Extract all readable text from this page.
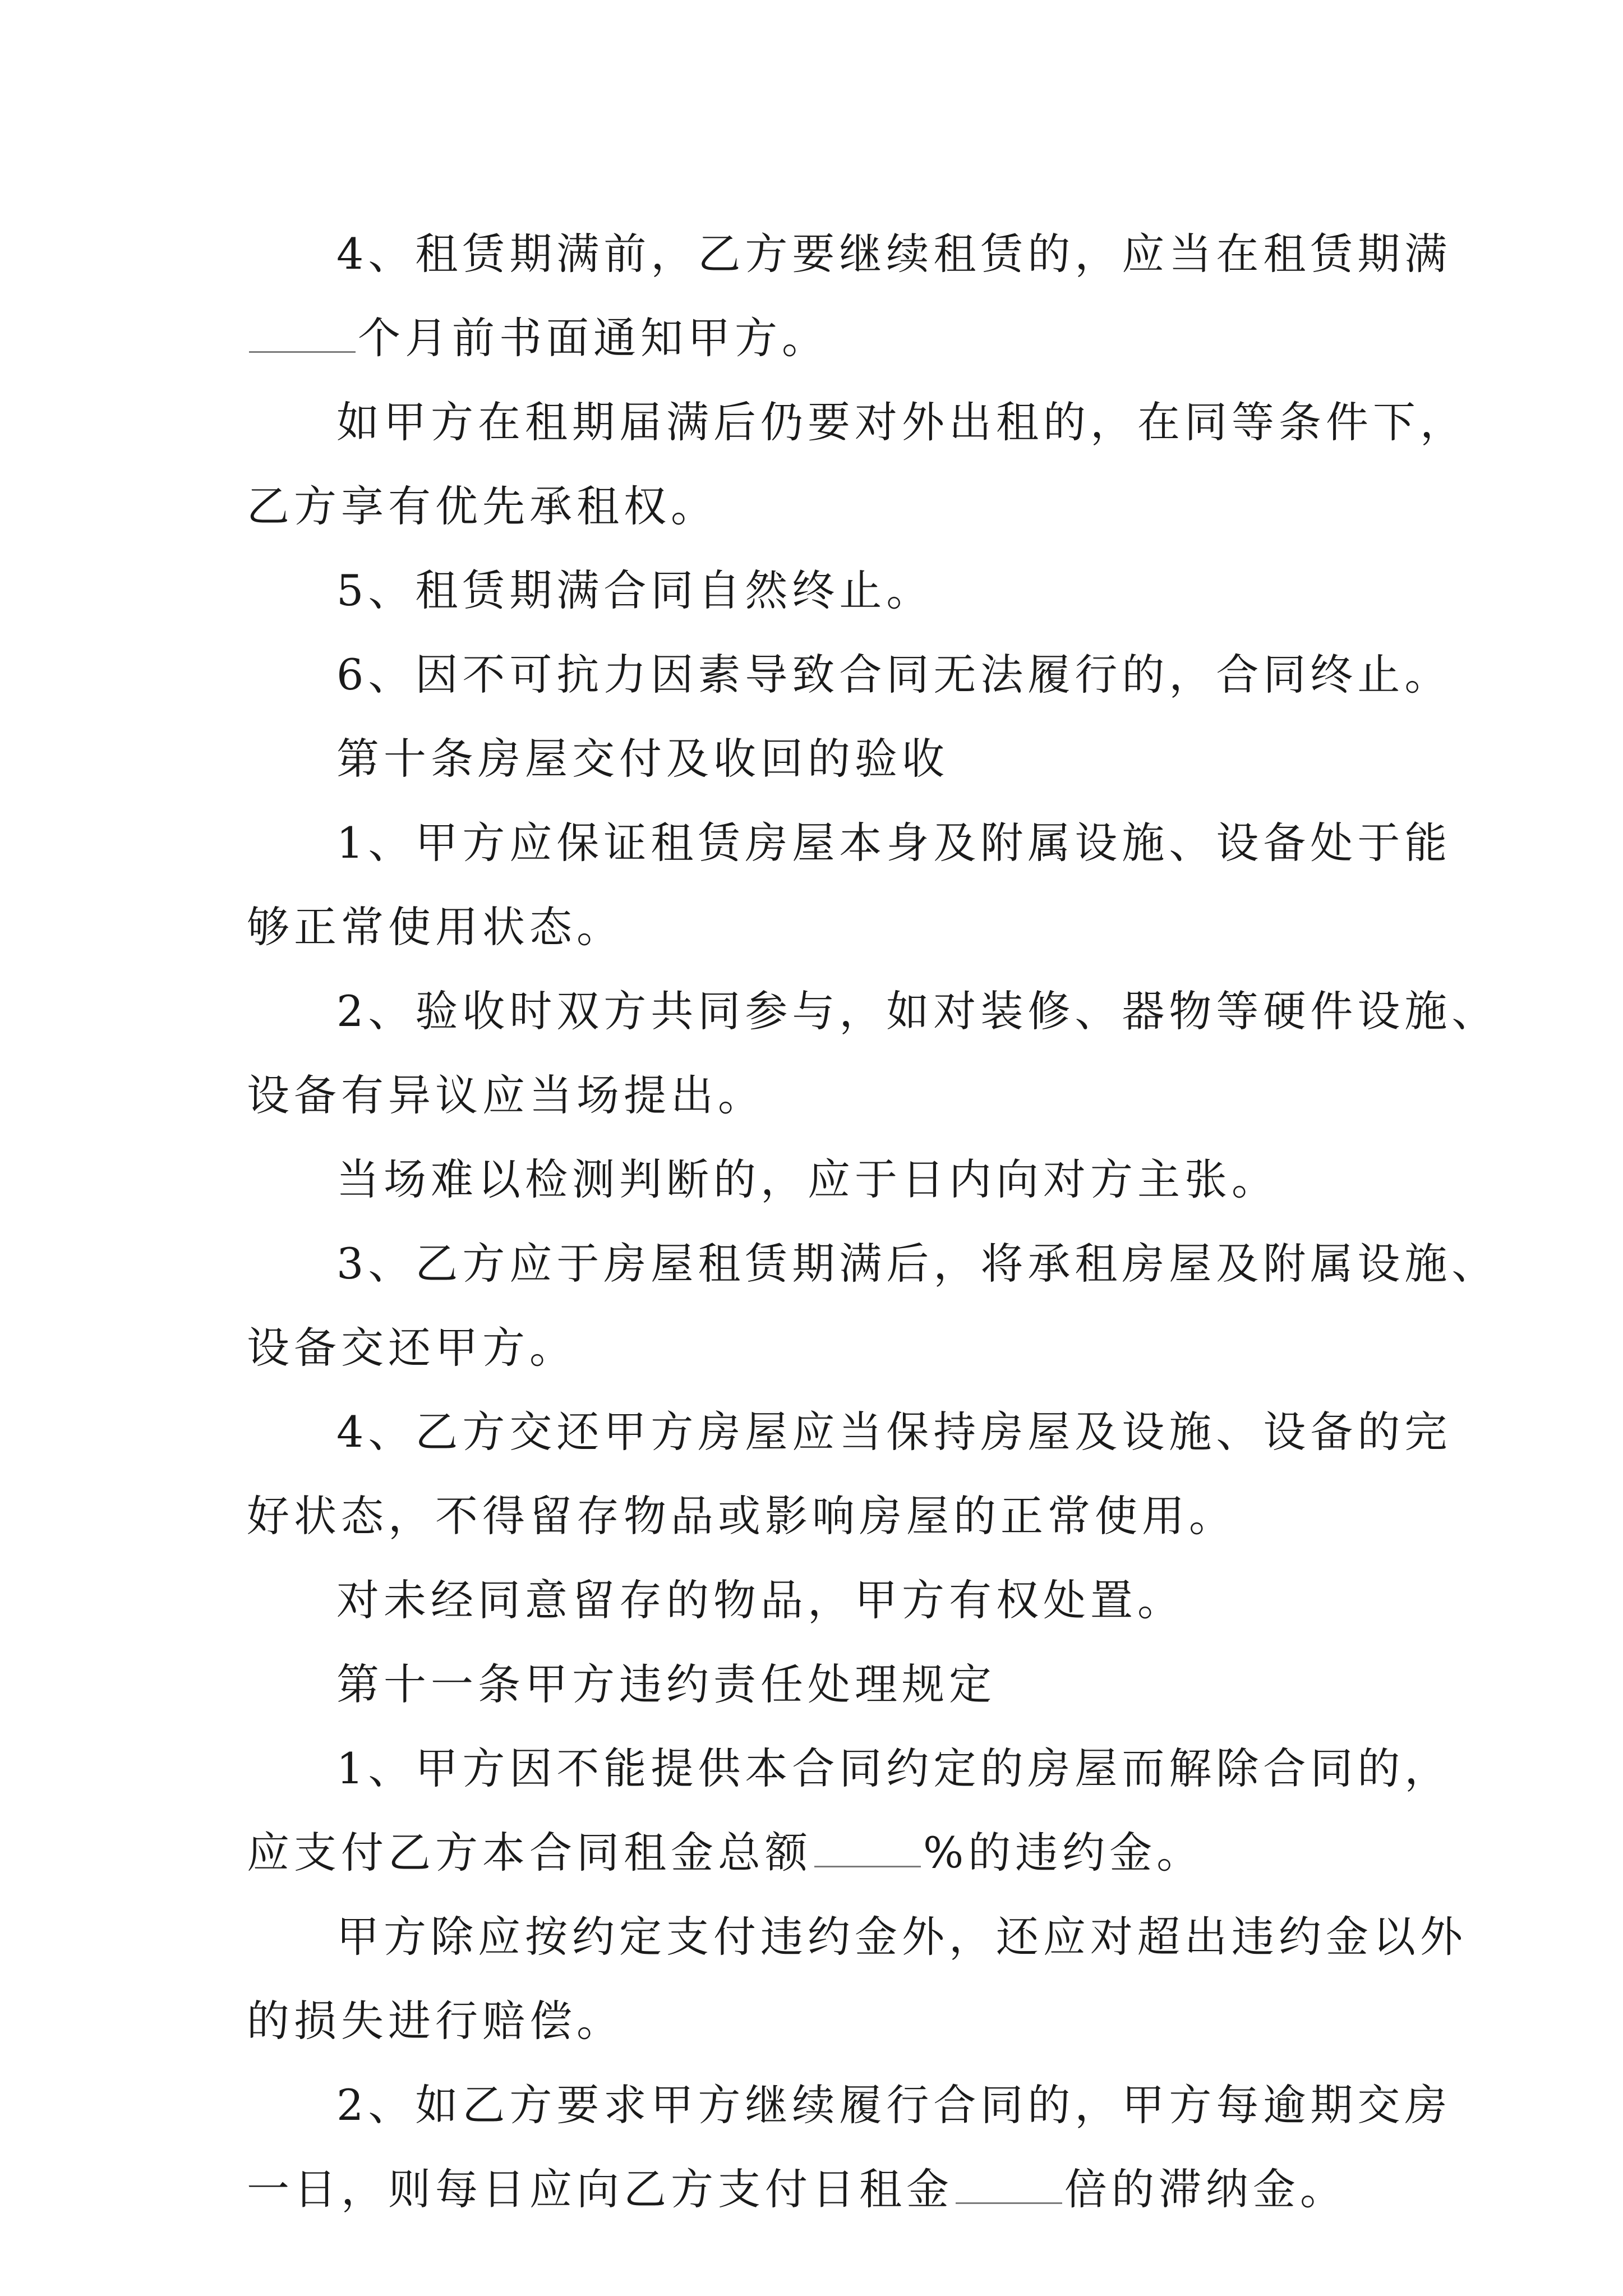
4、租赁期满前，乙方要继续租赁的，应当在租赁期满

个月前书面通知甲方。

如甲方在租期届满后仍要对外出租的，在同等条件下，

乙方享有优先承租权。

5、租赁期满合同自然终止。

6、因不可抗力因素导致合同无法履行的，合同终止。

第十条房屋交付及收回的验收

1、甲方应保证租赁房屋本身及附属设施、设备处于能

够正常使用状态。

2、验收时双方共同参与，如对装修、器物等硬件设施、

设备有异议应当场提出。

当场难以检测判断的，应于日内向对方主张。

3、乙方应于房屋租赁期满后，将承租房屋及附属设施、

设备交还甲方。

4、乙方交还甲方房屋应当保持房屋及设施、设备的完

好状态，不得留存物品或影响房屋的正常使用。

对未经同意留存的物品，甲方有权处置。

第十一条甲方违约责任处理规定

1、甲方因不能提供本合同约定的房屋而解除合同的，

应支付乙方本合同租金总额	%的违约金。

甲方除应按约定支付违约金外，还应对超出违约金以外

的损失进行赔偿。

2、如乙方要求甲方继续履行合同的，甲方每逾期交房

一日，则每日应向乙方支付日租金	倍的滞纳金。
